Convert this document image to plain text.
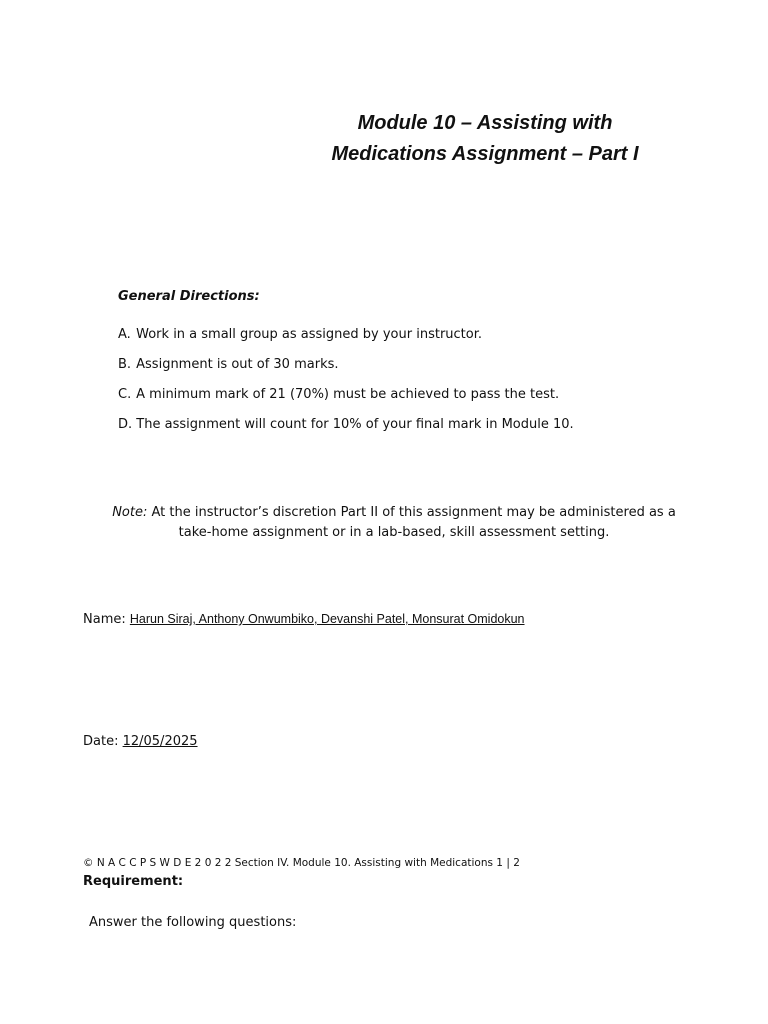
Module 10 – Assisting with
Medications Assignment – Part I
General Directions:
A. Work in a small group as assigned by your instructor.
B. Assignment is out of 30 marks.
C. A minimum mark of 21 (70%) must be achieved to pass the test.
D. The assignment will count for 10% of your final mark in Module 10.
Note: At the instructor’s discretion Part II of this assignment may be administered as a
take-home assignment or in a lab-based, skill assessment setting.
Name: Harun Siraj, Anthony Onwumbiko, Devanshi Patel, Monsurat Omidokun
Date: 12/05/2025
© N A C C P S W D E 2 0 2 2 Section IV. Module 10. Assisting with Medications 1 | 2
Requirement:
Answer the following questions:
